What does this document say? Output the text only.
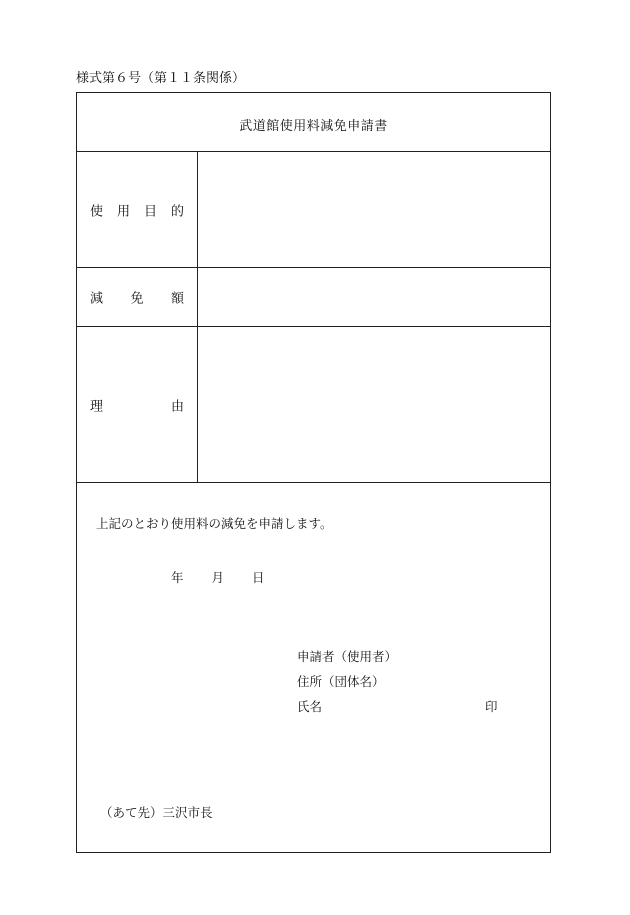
様式第６号（第１１条関係）
武道館使用料減免申請書
使 用 目 的
減 免 額
理	由
上記のとおり使用料の減免を申請します。
年 月 日
申請者（使用者）
住所（団体名）
氏名	印
（あて先）三沢市長
